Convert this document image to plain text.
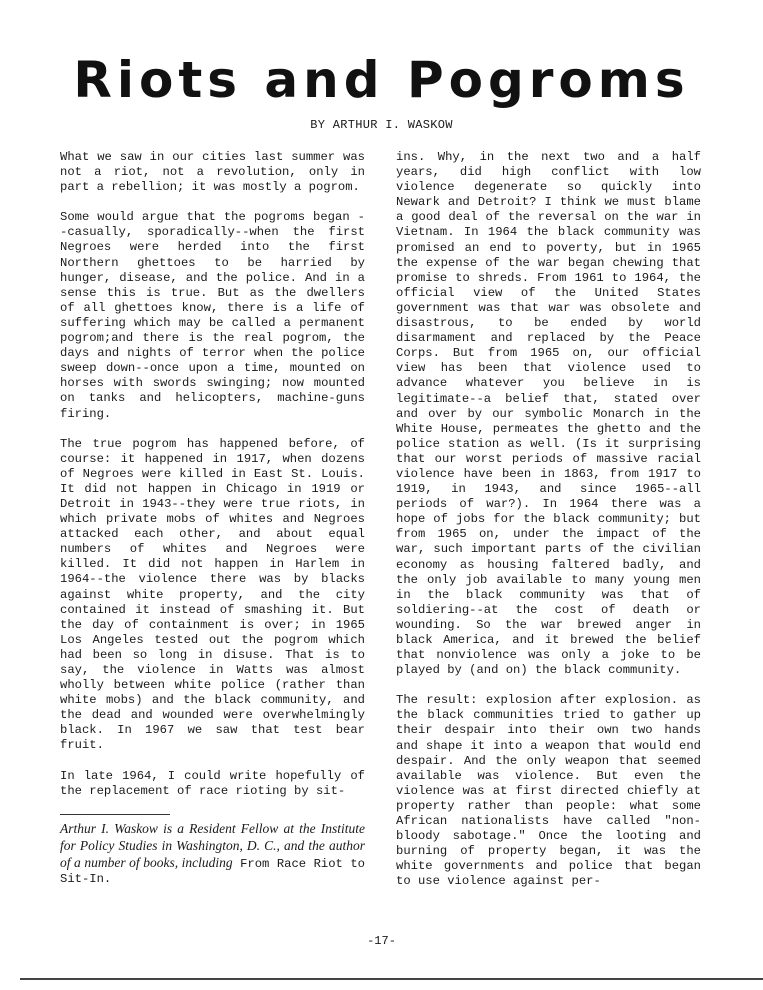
Riots and Pogroms

BY ARTHUR I. WASKOW

What we saw in our cities last summer was not a riot, not a revolution, only in part a rebellion; it was mostly a pogrom.

Some would argue that the pogroms began --casually, sporadically--when the first Negroes were herded into the first Northern ghettoes to be harried by hunger, disease, and the police. And in a sense this is true. But as the dwellers of all ghettoes know, there is a life of suffering which may be called a permanent pogrom;and there is the real pogrom, the days and nights of terror when the police sweep down--once upon a time, mounted on horses with swords swinging; now mounted on tanks and helicopters, machine-guns firing.

The true pogrom has happened before, of course: it happened in 1917, when dozens of Negroes were killed in East St. Louis. It did not happen in Chicago in 1919 or Detroit in 1943--they were true riots, in which private mobs of whites and Negroes attacked each other, and about equal numbers of whites and Negroes were killed. It did not happen in Harlem in 1964--the violence there was by blacks against white property, and the city contained it instead of smashing it. But the day of containment is over; in 1965 Los Angeles tested out the pogrom which had been so long in disuse. That is to say, the violence in Watts was almost wholly between white police (rather than white mobs) and the black community, and the dead and wounded were overwhelmingly black. In 1967 we saw that test bear fruit.

In late 1964, I could write hopefully of the replacement of race rioting by sit-

Arthur I. Waskow is a Resident Fellow at the Institute for Policy Studies in Washington, D. C., and the author of a number of books, including From Race Riot to Sit-In.

ins. Why, in the next two and a half years, did high conflict with low violence degenerate so quickly into Newark and Detroit? I think we must blame a good deal of the reversal on the war in Vietnam. In 1964 the black community was promised an end to poverty, but in 1965 the expense of the war began chewing that promise to shreds. From 1961 to 1964, the official view of the United States government was that war was obsolete and disastrous, to be ended by world disarmament and replaced by the Peace Corps. But from 1965 on, our official view has been that violence used to advance whatever you believe in is legitimate--a belief that, stated over and over by our symbolic Monarch in the White House, permeates the ghetto and the police station as well. (Is it surprising that our worst periods of massive racial violence have been in 1863, from 1917 to 1919, in 1943, and since 1965--all periods of war?). In 1964 there was a hope of jobs for the black community; but from 1965 on, under the impact of the war, such important parts of the civilian economy as housing faltered badly, and the only job available to many young men in the black community was that of soldiering--at the cost of death or wounding. So the war brewed anger in black America, and it brewed the belief that nonviolence was only a joke to be played by (and on) the black community.

The result: explosion after explosion. as the black communities tried to gather up their despair into their own two hands and shape it into a weapon that would end despair. And the only weapon that seemed available was violence. But even the violence was at first directed chiefly at property rather than people: what some African nationalists have called "non-bloody sabotage." Once the looting and burning of property began, it was the white governments and police that began to use violence against per-

-17-
